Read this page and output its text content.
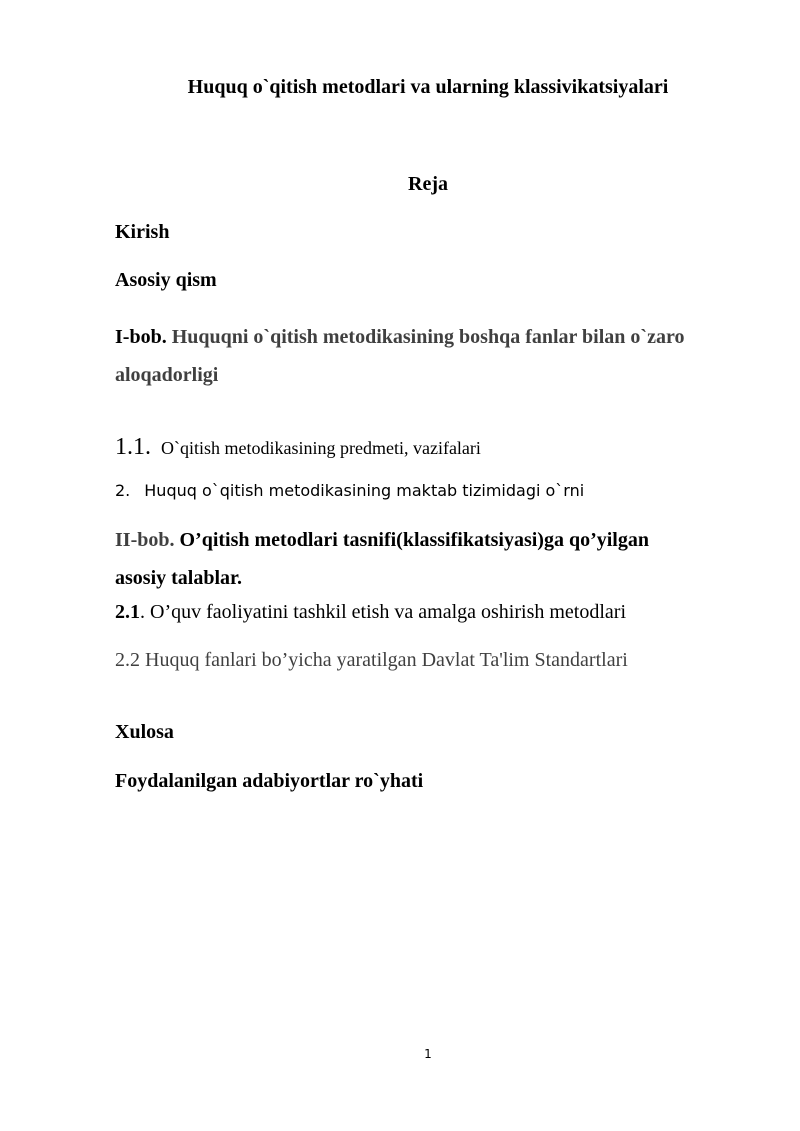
Huquq o`qitish metodlari va ularning klassivikatsiyalari
Reja
Kirish
Asosiy qism
I-bob. Huquqni o`qitish metodikasining boshqa fanlar bilan o`zaro
aloqadorligi
1.1. O`qitish metodikasining predmeti, vazifalari
2. Huquq o`qitish metodikasining maktab tizimidagi o`rni
II-bob. O’qitish metodlari tasnifi(klassifikatsiyasi)ga qo’yilgan
asosiy talablar.
2.1. O’quv faoliyatini tashkil etish va amalga oshirish metodlari
2.2 Huquq fanlari bo’yicha yaratilgan Davlat Ta'lim Standartlari
Xulosa
Foydalanilgan adabiyortlar ro`yhati
1
